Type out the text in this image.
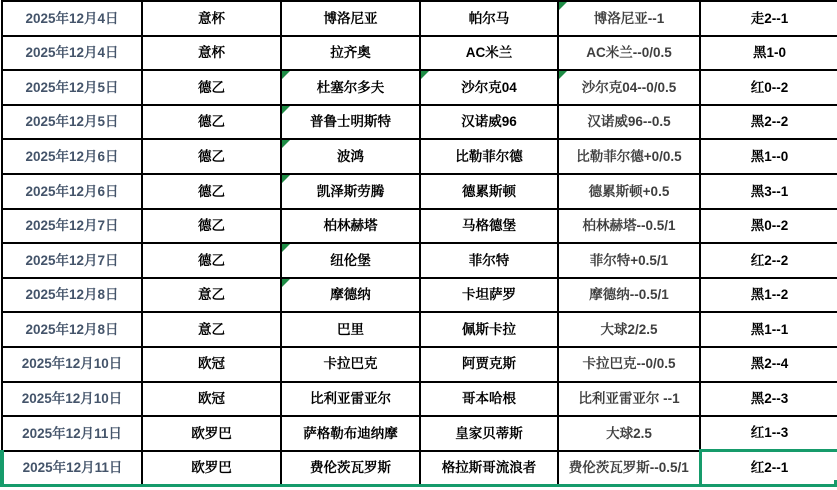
2025年12月4日	意杯	博洛尼亚	帕尔马	博洛尼亚--1	走2--1
2025年12月4日	意杯	拉齐奥	AC米兰	AC米兰--0/0.5	黑1-0
2025年12月5日	德乙	杜塞尔多夫	沙尔克04	沙尔克04--0/0.5	红0--2
2025年12月5日	德乙	普鲁士明斯特	汉诺威96	汉诺威96--0.5	黑2--2
2025年12月6日	德乙	波鸿	比勒菲尔德	比勒菲尔德+0/0.5	黑1--0
2025年12月6日	德乙	凯泽斯劳腾	德累斯顿	德累斯顿+0.5	黑3--1
2025年12月7日	德乙	柏林赫塔	马格德堡	柏林赫塔--0.5/1	黑0--2
2025年12月7日	德乙	纽伦堡	菲尔特	菲尔特+0.5/1	红2--2
2025年12月8日	意乙	摩德纳	卡坦萨罗	摩德纳--0.5/1	黑1--2
2025年12月8日	意乙	巴里	佩斯卡拉	大球2/2.5	黑1--1
2025年12月10日	欧冠	卡拉巴克	阿贾克斯	卡拉巴克--0/0.5	黑2--4
2025年12月10日	欧冠	比利亚雷亚尔	哥本哈根	比利亚雷亚尔 --1	黑2--3
2025年12月11日	欧罗巴	萨格勒布迪纳摩	皇家贝蒂斯	大球2.5	红1--3
2025年12月11日	欧罗巴	费伦茨瓦罗斯	格拉斯哥流浪者	费伦茨瓦罗斯--0.5/1	红2--1
